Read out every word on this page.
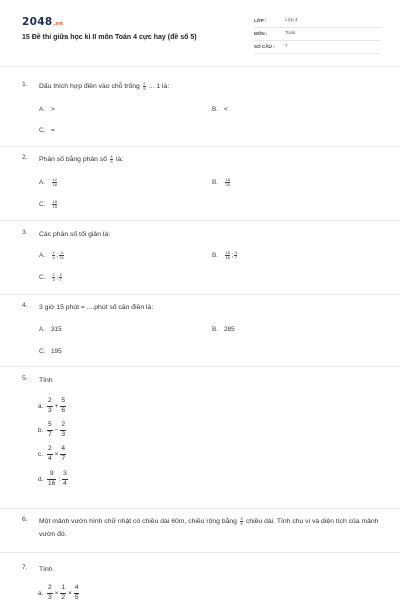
2048.vn
15 Đề thi giữa học kì II môn Toán 4 cực hay (đề số 5)
LỚP :	Lớp 4
MÔN :	Toán
SỐ CÂU : 7
1. Dấu thích hợp điền vào chỗ trống $\frac{2}{5}$ ... 1 là:
A. >	B. <
C. =
2. Phân số bằng phân số $\frac{4}{5}$ là:
A. $\frac{12}{16}$	B. $\frac{16}{20}$
C. $\frac{16}{15}$
3. Các phân số tối giản là:
A. $\frac{2}{4}$ ; $\frac{4}{21}$	B. $\frac{15}{16}$ ; $\frac{3}{7}$
C. $\frac{2}{4}$ ; $\frac{3}{7}$
4. 3 giờ 15 phút = ....phút số cần điền là:
A. 315	B. 285
C. 195
5. Tính
a. $\frac{2}{3} + \frac{5}{6}$
b. $\frac{5}{7} - \frac{2}{3}$
c. $\frac{2}{4} \times \frac{4}{7}$
d. $\frac{9}{16}$ : $\frac{3}{4}$
6. Một mảnh vườn hình chữ nhật có chiều dài 60m, chiều rộng bằng $\frac{3}{5}$ chiều dài. Tính chu vi và diện tích của mảnh vườn đó.
7. Tính
a. $\frac{2}{3} \times \frac{1}{2} \times \frac{4}{5}$
